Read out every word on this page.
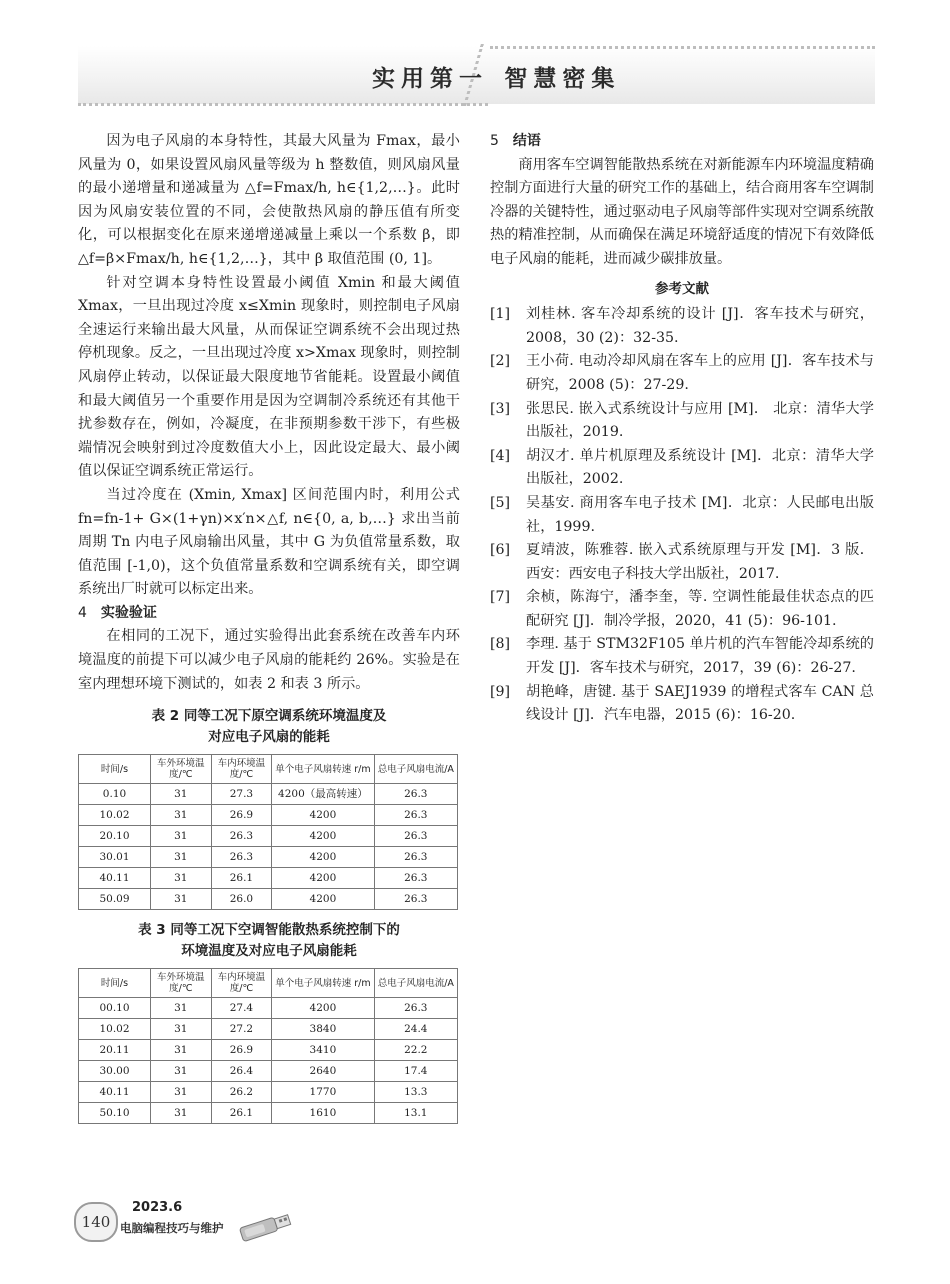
实用第一 智慧密集

因为电子风扇的本身特性，其最大风量为 Fmax，最小风量为 0，如果设置风扇风量等级为 h 整数值，则风扇风量的最小递增量和递减量为 △f=Fmax/h, h∈{1,2,…}。此时因为风扇安装位置的不同，会使散热风扇的静压值有所变化，可以根据变化在原来递增递减量上乘以一个系数 β，即 △f=β×Fmax/h, h∈{1,2,…}，其中 β 取值范围 (0, 1]。

针对空调本身特性设置最小阈值 Xmin 和最大阈值 Xmax，一旦出现过冷度 x≤Xmin 现象时，则控制电子风扇全速运行来输出最大风量，从而保证空调系统不会出现过热停机现象。反之，一旦出现过冷度 x>Xmax 现象时，则控制风扇停止转动，以保证最大限度地节省能耗。设置最小阈值和最大阈值另一个重要作用是因为空调制冷系统还有其他干扰参数存在，例如，冷凝度，在非预期参数干涉下，有些极端情况会映射到过冷度数值大小上，因此设定最大、最小阈值以保证空调系统正常运行。

当过冷度在 (Xmin, Xmax] 区间范围内时，利用公式 fn=fn-1+ G×(1+γn)×x′n×△f, n∈{0, a, b,…} 求出当前周期 Tn 内电子风扇输出风量，其中 G 为负值常量系数，取值范围 [-1,0)，这个负值常量系数和空调系统有关，即空调系统出厂时就可以标定出来。

4 实验验证

在相同的工况下，通过实验得出此套系统在改善车内环境温度的前提下可以减少电子风扇的能耗约 26%。实验是在室内理想环境下测试的，如表 2 和表 3 所示。

表 2 同等工况下原空调系统环境温度及
对应电子风扇的能耗
时间/s	车外环境温度/℃	车内环境温度/℃	单个电子风扇转速 r/m	总电子风扇电流/A
0.10	31	27.3	4200（最高转速）	26.3
10.02	31	26.9	4200	26.3
20.10	31	26.3	4200	26.3
30.01	31	26.3	4200	26.3
40.11	31	26.1	4200	26.3
50.09	31	26.0	4200	26.3
表 3 同等工况下空调智能散热系统控制下的
环境温度及对应电子风扇能耗
时间/s	车外环境温度/℃	车内环境温度/℃	单个电子风扇转速 r/m	总电子风扇电流/A
00.10	31	27.4	4200	26.3
10.02	31	27.2	3840	24.4
20.11	31	26.9	3410	22.2
30.00	31	26.4	2640	17.4
40.11	31	26.2	1770	13.3
50.10	31	26.1	1610	13.1

5 结语

商用客车空调智能散热系统在对新能源车内环境温度精确控制方面进行大量的研究工作的基础上，结合商用客车空调制冷器的关键特性，通过驱动电子风扇等部件实现对空调系统散热的精准控制，从而确保在满足环境舒适度的情况下有效降低电子风扇的能耗，进而减少碳排放量。

参考文献
[1]	刘桂林. 客车冷却系统的设计 [J]．客车技术与研究，2008，30 (2)：32-35.
[2]	王小荷. 电动冷却风扇在客车上的应用 [J]．客车技术与研究，2008 (5)：27-29.
[3]	张思民. 嵌入式系统设计与应用 [M]． 北京：清华大学出版社，2019.
[4]	胡汉才. 单片机原理及系统设计 [M]．北京：清华大学出版社，2002.
[5]	吴基安. 商用客车电子技术 [M]．北京：人民邮电出版社，1999.
[6]	夏靖波，陈雅蓉. 嵌入式系统原理与开发 [M]．3 版．西安：西安电子科技大学出版社，2017.
[7]	余桢，陈海宁，潘李奎，等. 空调性能最佳状态点的匹配研究 [J]．制冷学报，2020，41 (5)：96-101.
[8]	李理. 基于 STM32F105 单片机的汽车智能冷却系统的开发 [J]．客车技术与研究，2017，39 (6)：26-27.
[9]	胡艳峰，唐键. 基于 SAEJ1939 的增程式客车 CAN 总线设计 [J]．汽车电器，2015 (6)：16-20.
140
2023.6
电脑编程技巧与维护
